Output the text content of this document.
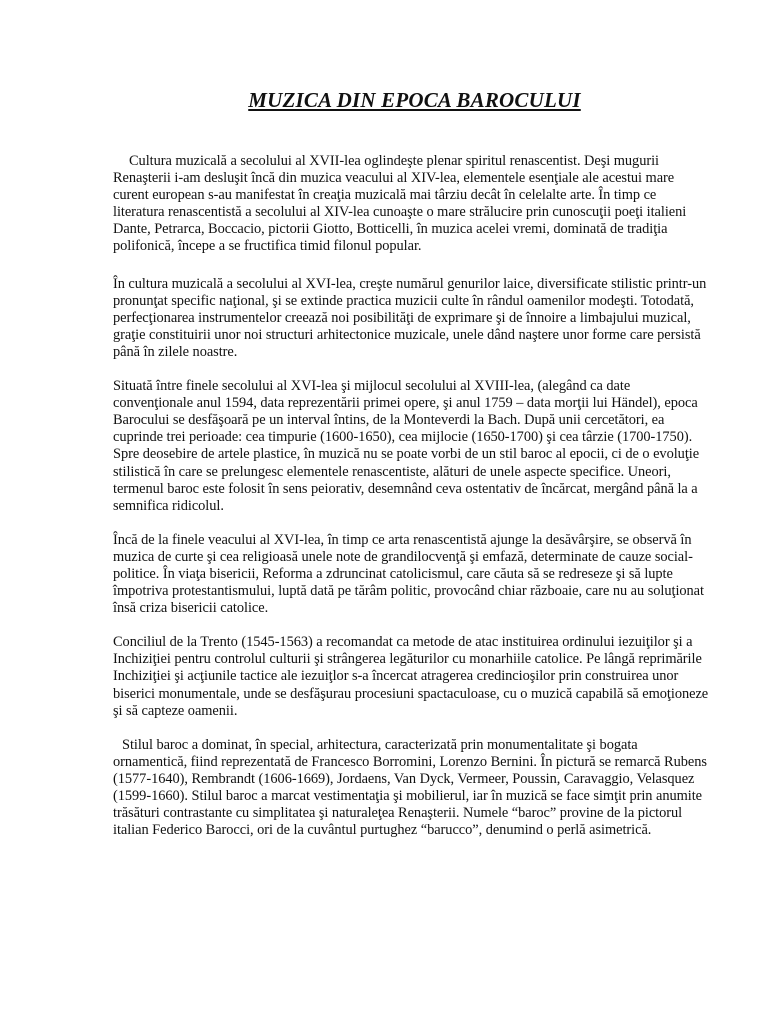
MUZICA DIN EPOCA BAROCULUI

Cultura muzicală a secolului al XVII-lea oglindeşte plenar spiritul renascentist. Deşi mugurii Renaşterii i-am desluşit încă din muzica veacului al XIV-lea, elementele esenţiale ale acestui mare curent european s-au manifestat în creaţia muzicală mai târziu decât în celelalte arte. În timp ce literatura renascentistă a secolului al XIV-lea cunoaşte o mare strălucire prin cunoscuţii poeţi italieni Dante, Petrarca, Boccacio, pictorii Giotto, Botticelli, în muzica acelei vremi, dominată de tradiţia polifonică, începe a se fructifica timid filonul popular.

În cultura muzicală a secolului al XVI-lea, creşte numărul genurilor laice, diversificate stilistic printr-un pronunţat specific naţional, şi se extinde practica muzicii culte în rândul oamenilor modeşti. Totodată, perfecţionarea instrumentelor creează noi posibilităţi de exprimare şi de înnoire a limbajului muzical, graţie constituirii unor noi structuri arhitectonice muzicale, unele dând naştere unor forme care persistă până în zilele noastre.

Situată între finele secolului al XVI-lea şi mijlocul secolului al XVIII-lea, (alegând ca date convenţionale anul 1594, data reprezentării primei opere, şi anul 1759 – data morţii lui Händel), epoca Barocului se desfăşoară pe un interval întins, de la Monteverdi la Bach. După unii cercetători, ea cuprinde trei perioade: cea timpurie (1600-1650), cea mijlocie (1650-1700) şi cea târzie (1700-1750). Spre deosebire de artele plastice, în muzică nu se poate vorbi de un stil baroc al epocii, ci de o evoluţie stilistică în care se prelungesc elementele renascentiste, alături de unele aspecte specifice. Uneori, termenul baroc este folosit în sens peiorativ, desemnând ceva ostentativ de încărcat, mergând până la a semnifica ridicolul.

Încă de la finele veacului al XVI-lea, în timp ce arta renascentistă ajunge la desăvârşire, se observă în muzica de curte şi cea religioasă unele note de grandilocvenţă şi emfază, determinate de cauze social-politice. În viaţa bisericii, Reforma a zdruncinat catolicismul, care căuta să se redreseze şi să lupte împotriva protestantismului, luptă dată pe tărâm politic, provocând chiar războaie, care nu au soluţionat însă criza bisericii catolice.

Conciliul de la Trento (1545-1563) a recomandat ca metode de atac instituirea ordinului iezuiţilor şi a Inchiziţiei pentru controlul culturii şi strângerea legăturilor cu monarhiile catolice. Pe lângă reprimările Inchiziţiei şi acţiunile tactice ale iezuiţlor s-a încercat atragerea credincioşilor prin construirea unor biserici monumentale, unde se desfăşurau procesiuni spactaculoase, cu o muzică capabilă să emoţioneze şi să capteze oamenii.

Stilul baroc a dominat, în special, arhitectura, caracterizată prin monumentalitate şi bogata ornamentică, fiind reprezentată de Francesco Borromini, Lorenzo Bernini. În pictură se remarcă Rubens (1577-1640), Rembrandt (1606-1669), Jordaens, Van Dyck, Vermeer, Poussin, Caravaggio, Velasquez (1599-1660). Stilul baroc a marcat vestimentaţia şi mobilierul, iar în muzică se face simţit prin anumite trăsături contrastante cu simplitatea şi naturaleţea Renaşterii. Numele “baroc” provine de la pictorul italian Federico Barocci, ori de la cuvântul purtughez “barucco”, denumind o perlă asimetrică.
